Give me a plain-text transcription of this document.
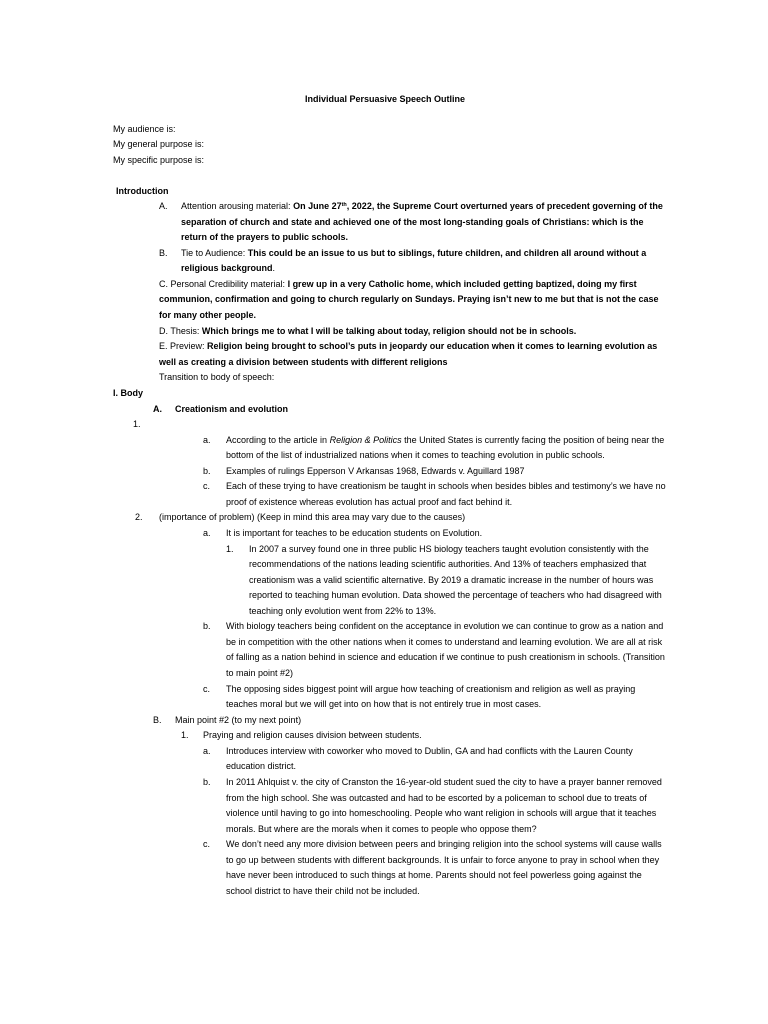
Individual Persuasive Speech Outline
My audience is:
My general purpose is:
My specific purpose is:
Introduction
A. Attention arousing material: On June 27th, 2022, the Supreme Court overturned years of precedent governing of the
separation of church and state and achieved one of the most long-standing goals of Christians: which is the
return of the prayers to public schools.
B. Tie to Audience: This could be an issue to us but to siblings, future children, and children all around without a
religious background.
C. Personal Credibility material: I grew up in a very Catholic home, which included getting baptized, doing my first
communion, confirmation and going to church regularly on Sundays. Praying isn’t new to me but that is not the case
for many other people.
D. Thesis: Which brings me to what I will be talking about today, religion should not be in schools.
E. Preview: Religion being brought to school’s puts in jeopardy our education when it comes to learning evolution as
well as creating a division between students with different religions
Transition to body of speech:
I. Body
A. Creationism and evolution
1.
a. According to the article in Religion & Politics the United States is currently facing the position of being near the
bottom of the list of industrialized nations when it comes to teaching evolution in public schools.
b. Examples of rulings Epperson V Arkansas 1968, Edwards v. Aguillard 1987
c. Each of these trying to have creationism be taught in schools when besides bibles and testimony’s we have no
proof of existence whereas evolution has actual proof and fact behind it.
2. (importance of problem) (Keep in mind this area may vary due to the causes)
a. It is important for teaches to be education students on Evolution.
1. In 2007 a survey found one in three public HS biology teachers taught evolution consistently with the
recommendations of the nations leading scientific authorities. And 13% of teachers emphasized that
creationism was a valid scientific alternative. By 2019 a dramatic increase in the number of hours was
reported to teaching human evolution. Data showed the percentage of teachers who had disagreed with
teaching only evolution went from 22% to 13%.
b. With biology teachers being confident on the acceptance in evolution we can continue to grow as a nation and
be in competition with the other nations when it comes to understand and learning evolution. We are all at risk
of falling as a nation behind in science and education if we continue to push creationism in schools. (Transition
to main point #2)
c. The opposing sides biggest point will argue how teaching of creationism and religion as well as praying
teaches moral but we will get into on how that is not entirely true in most cases.
B. Main point #2 (to my next point)
1. Praying and religion causes division between students.
a. Introduces interview with coworker who moved to Dublin, GA and had conflicts with the Lauren County
education district.
b. In 2011 Ahlquist v. the city of Cranston the 16-year-old student sued the city to have a prayer banner removed
from the high school. She was outcasted and had to be escorted by a policeman to school due to treats of
violence until having to go into homeschooling. People who want religion in schools will argue that it teaches
morals. But where are the morals when it comes to people who oppose them?
c. We don’t need any more division between peers and bringing religion into the school systems will cause walls
to go up between students with different backgrounds. It is unfair to force anyone to pray in school when they
have never been introduced to such things at home. Parents should not feel powerless going against the
school district to have their child not be included.
